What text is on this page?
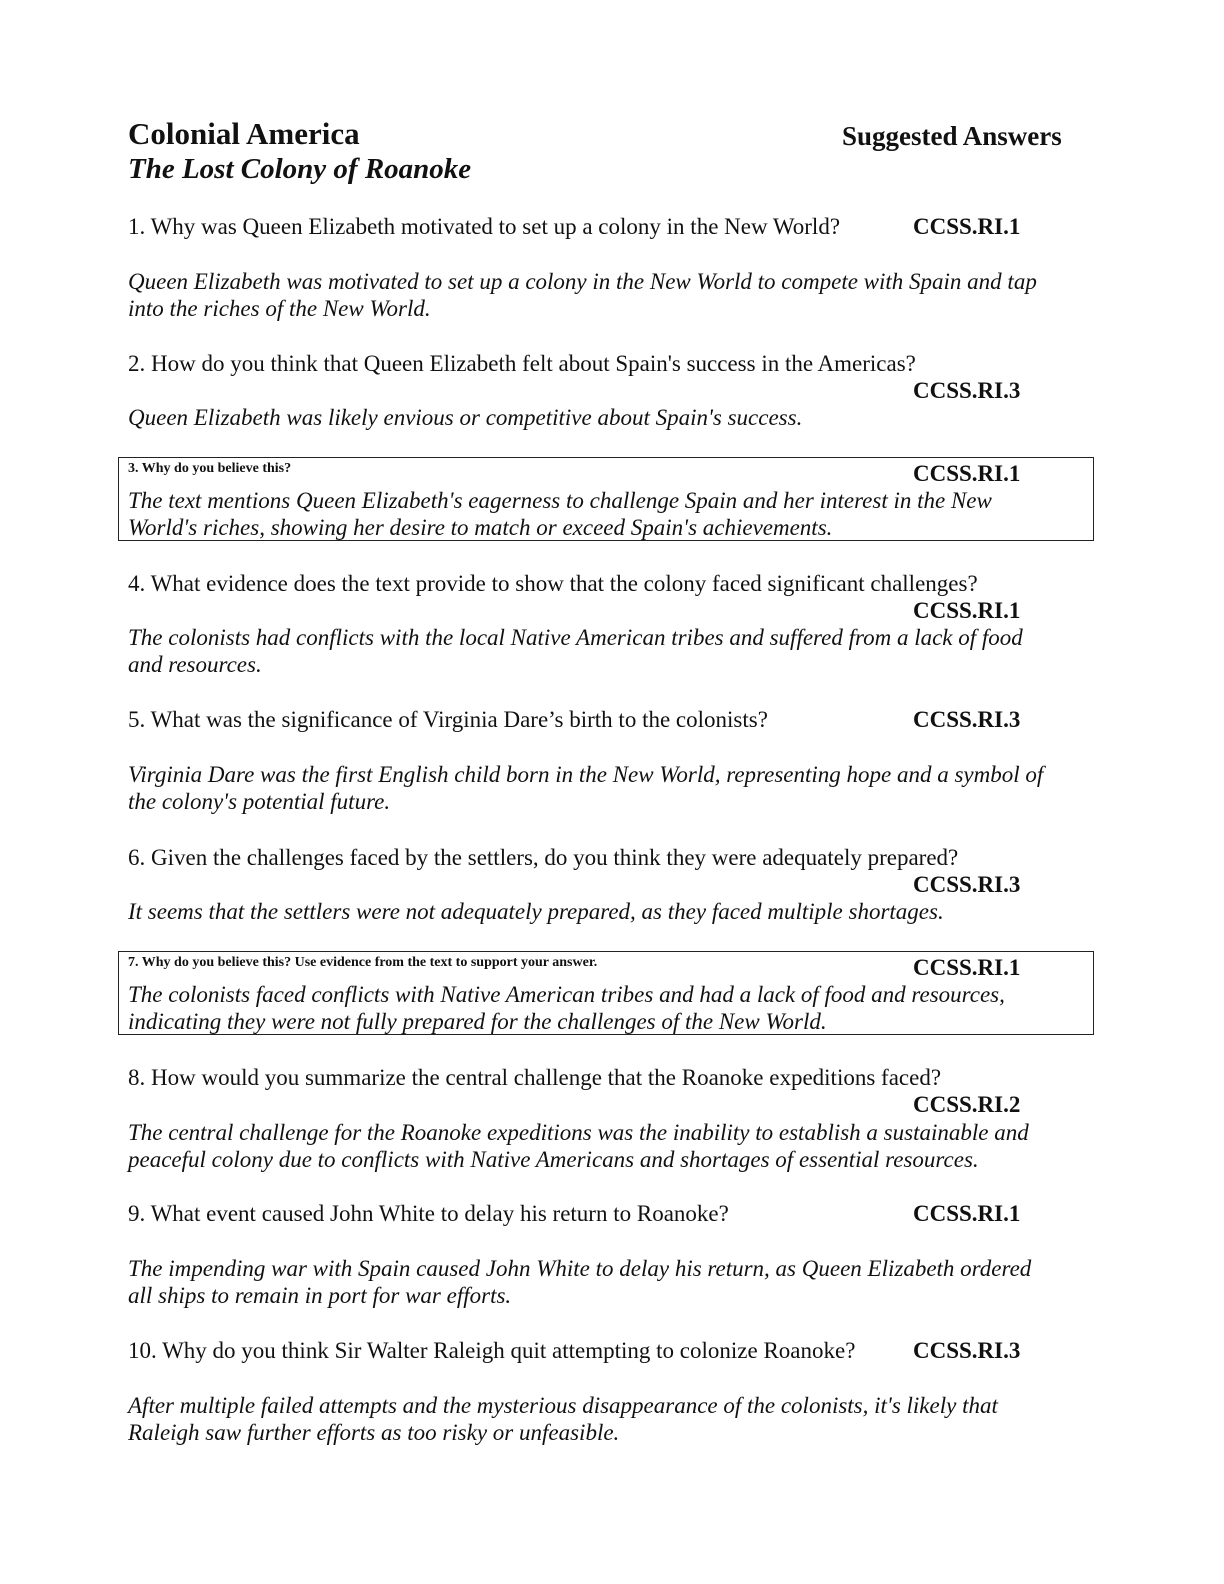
Colonial America
The Lost Colony of Roanoke
Suggested Answers
1. Why was Queen Elizabeth motivated to set up a colony in the New World?	CCSS.RI.1
Queen Elizabeth was motivated to set up a colony in the New World to compete with Spain and tap
into the riches of the New World.
2. How do you think that Queen Elizabeth felt about Spain's success in the Americas?
CCSS.RI.3
Queen Elizabeth was likely envious or competitive about Spain's success.
3. Why do you believe this?	CCSS.RI.1
The text mentions Queen Elizabeth's eagerness to challenge Spain and her interest in the New
World's riches, showing her desire to match or exceed Spain's achievements.
4. What evidence does the text provide to show that the colony faced significant challenges?
CCSS.RI.1
The colonists had conflicts with the local Native American tribes and suffered from a lack of food
and resources.
5. What was the significance of Virginia Dare’s birth to the colonists?	CCSS.RI.3
Virginia Dare was the first English child born in the New World, representing hope and a symbol of
the colony's potential future.
6. Given the challenges faced by the settlers, do you think they were adequately prepared?
CCSS.RI.3
It seems that the settlers were not adequately prepared, as they faced multiple shortages.
7. Why do you believe this? Use evidence from the text to support your answer.	CCSS.RI.1
The colonists faced conflicts with Native American tribes and had a lack of food and resources,
indicating they were not fully prepared for the challenges of the New World.
8. How would you summarize the central challenge that the Roanoke expeditions faced?
CCSS.RI.2
The central challenge for the Roanoke expeditions was the inability to establish a sustainable and
peaceful colony due to conflicts with Native Americans and shortages of essential resources.
9. What event caused John White to delay his return to Roanoke?	CCSS.RI.1
The impending war with Spain caused John White to delay his return, as Queen Elizabeth ordered
all ships to remain in port for war efforts.
10. Why do you think Sir Walter Raleigh quit attempting to colonize Roanoke?	CCSS.RI.3
After multiple failed attempts and the mysterious disappearance of the colonists, it's likely that
Raleigh saw further efforts as too risky or unfeasible.
